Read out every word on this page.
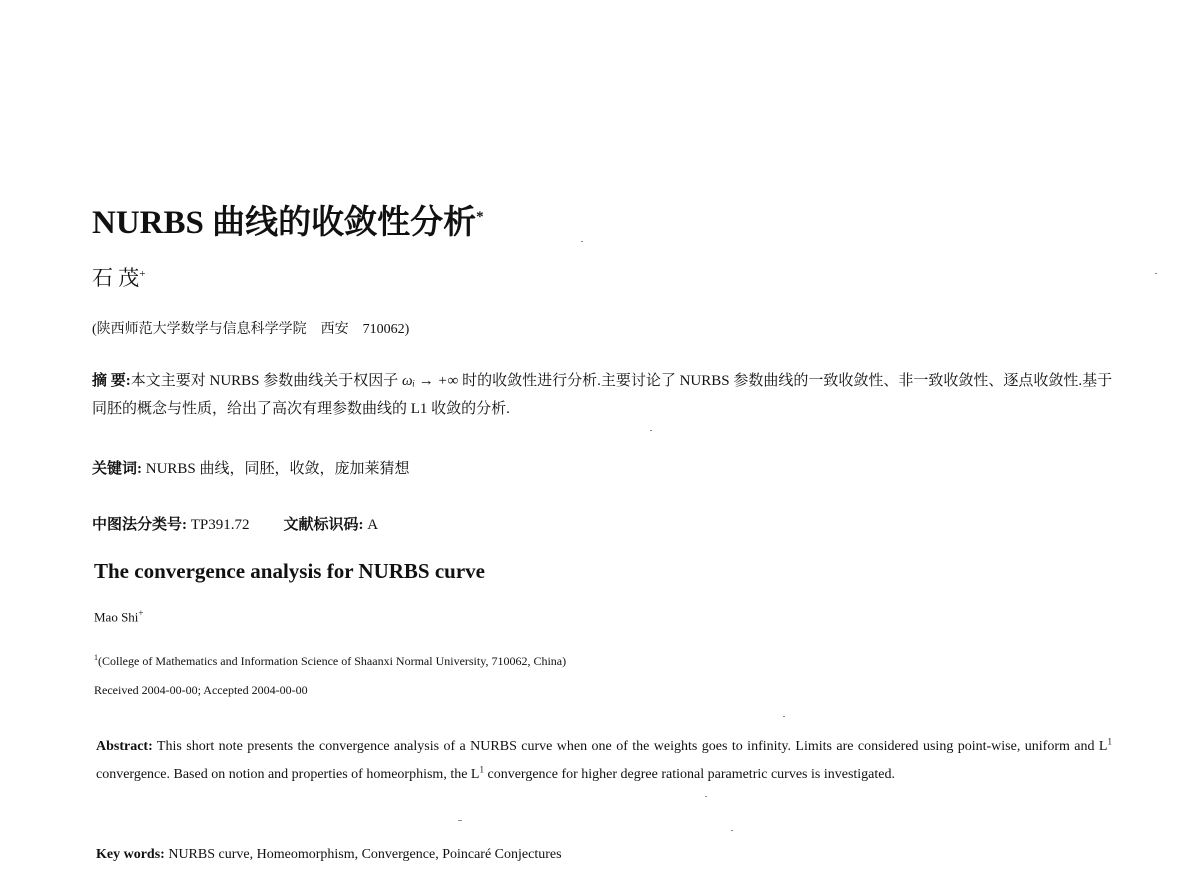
NURBS 曲线的收敛性分析*
石 茂+
(陕西师范大学数学与信息科学学院 西安 710062)
摘 要:本文主要对 NURBS 参数曲线关于权因子 ωᵢ → +∞ 时的收敛性进行分析.主要讨论了 NURBS 参数曲线的一致收敛性、非一致收敛性、逐点收敛性.基于同胚的概念与性质，给出了高次有理参数曲线的 L1 收敛的分析.
关键词: NURBS 曲线，同胚，收敛，庞加莱猜想
中图法分类号: TP391.72 文献标识码: A
The convergence analysis for NURBS curve
Mao Shi+
$^1$(College of Mathematics and Information Science of Shaanxi Normal University, 710062, China)
Received 2004-00-00; Accepted 2004-00-00
Abstract: This short note presents the convergence analysis of a NURBS curve when one of the weights goes to infinity. Limits are considered using point-wise, uniform and $L^1$ convergence. Based on notion and properties of homeorphism, the $L^1$ convergence for higher degree rational parametric curves is investigated.
ˍ
Key words: NURBS curve, Homeomorphism, Convergence, Poincaré Conjectures
